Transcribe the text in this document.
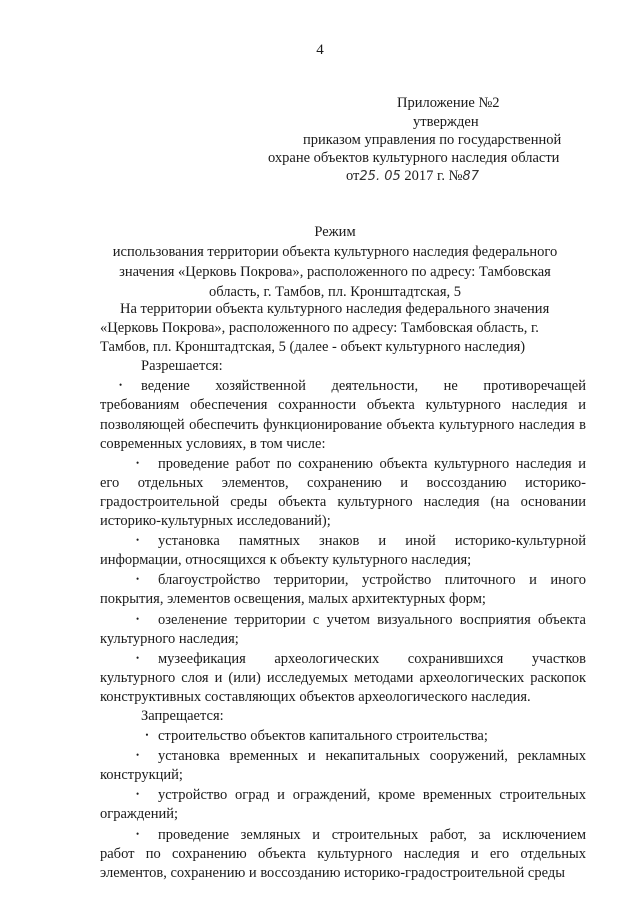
4
Приложение №2
утвержден
приказом управления по государственной
охране объектов культурного наследия области
от25. 05 2017 г. №87
Режим
использования территории объекта культурного наследия федерального
значения «Церковь Покрова», расположенного по адресу: Тамбовская
область, г. Тамбов, пл. Кронштадтская, 5

На территории объекта культурного наследия федерального значения

«Церковь Покрова», расположенного по адресу: Тамбовская область, г.

Тамбов, пл. Кронштадтская, 5 (далее - объект культурного наследия)

Разрешается:

• ведение хозяйственной деятельности, не противоречащей

требованиям обеспечения сохранности объекта культурного наследия и

позволяющей обеспечить функционирование объекта культурного наследия в

современных условиях, в том числе:

• проведение работ по сохранению объекта культурного наследия и

его отдельных элементов, сохранению и воссозданию историко-

градостроительной среды объекта культурного наследия (на основании

историко-культурных исследований);

• установка памятных знаков и иной историко-культурной

информации, относящихся к объекту культурного наследия;

• благоустройство территории, устройство плиточного и иного

покрытия, элементов освещения, малых архитектурных форм;

• озеленение территории с учетом визуального восприятия объекта

культурного наследия;

• музеефикация археологических сохранившихся участков

культурного слоя и (или) исследуемых методами археологических раскопок

конструктивных составляющих объектов археологического наследия.

Запрещается:

• строительство объектов капитального строительства;

• установка временных и некапитальных сооружений, рекламных

конструкций;

• устройство оград и ограждений, кроме временных строительных

ограждений;

• проведение земляных и строительных работ, за исключением

работ по сохранению объекта культурного наследия и его отдельных

элементов, сохранению и воссозданию историко-градостроительной среды
